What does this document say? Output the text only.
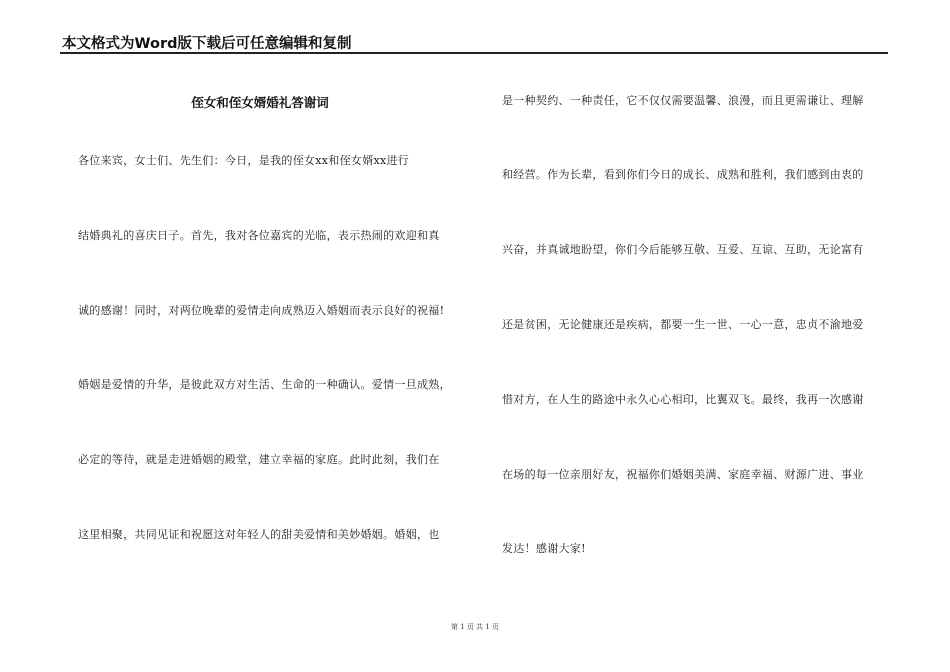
本文格式为Word版下载后可任意编辑和复制
侄女和侄女婿婚礼答谢词
各位来宾，女士们、先生们：今日，是我的侄女xx和侄女婿xx进行
结婚典礼的喜庆日子。首先，我对各位嘉宾的光临，表示热闹的欢迎和真
诚的感谢！同时，对两位晚辈的爱情走向成熟迈入婚姻而表示良好的祝福!
婚姻是爱情的升华，是彼此双方对生活、生命的一种确认。爱情一旦成熟，
必定的等待，就是走进婚姻的殿堂，建立幸福的家庭。此时此刻，我们在
这里相聚，共同见证和祝愿这对年轻人的甜美爱情和美妙婚姻。婚姻，也
是一种契约、一种责任，它不仅仅需要温馨、浪漫，而且更需谦让、理解
和经营。作为长辈，看到你们今日的成长、成熟和胜利，我们感到由衷的
兴奋，并真诚地盼望，你们今后能够互敬、互爱、互谅、互助，无论富有
还是贫困，无论健康还是疾病，都要一生一世、一心一意，忠贞不渝地爱
惜对方，在人生的路途中永久心心相印，比翼双飞。最终，我再一次感谢
在场的每一位亲朋好友，祝福你们婚姻美满、家庭幸福、财源广进、事业
发达！感谢大家!
第 1 页 共 1 页
